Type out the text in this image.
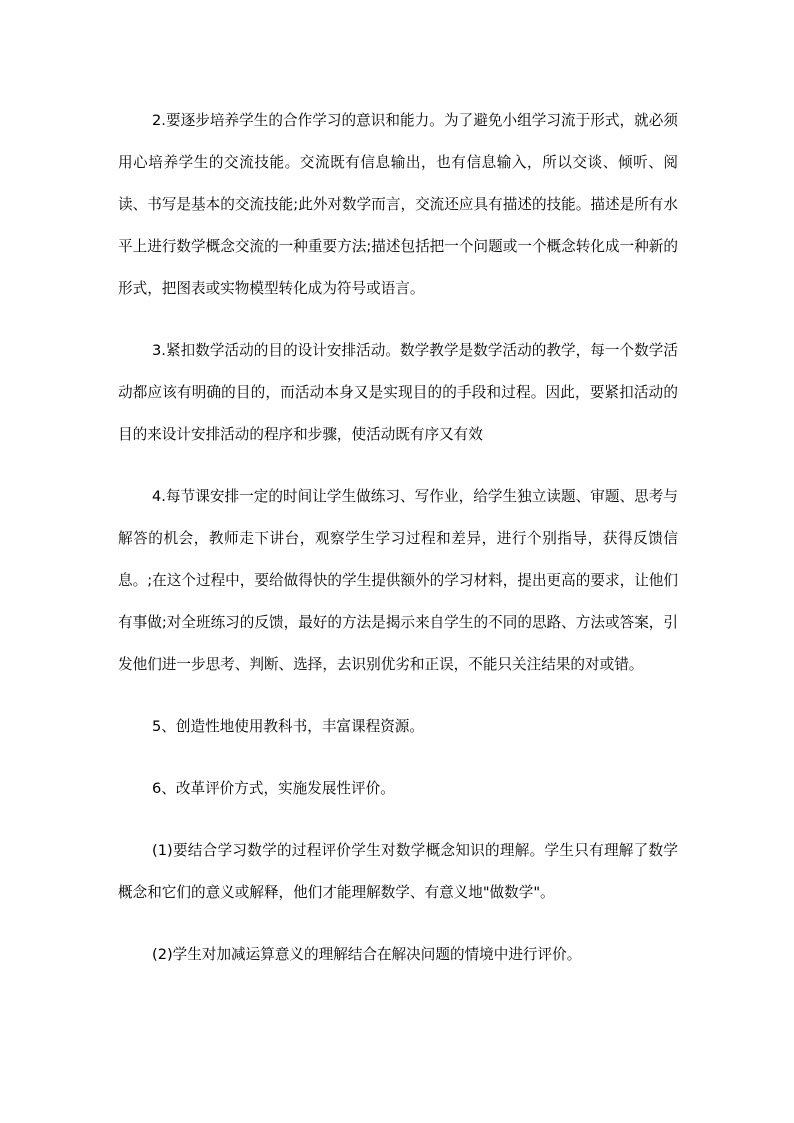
2.要逐步培养学生的合作学习的意识和能力。为了避免小组学习流于形式，就必须用心培养学生的交流技能。交流既有信息输出，也有信息输入，所以交谈、倾听、阅读、书写是基本的交流技能;此外对数学而言，交流还应具有描述的技能。描述是所有水平上进行数学概念交流的一种重要方法;描述包括把一个问题或一个概念转化成一种新的形式，把图表或实物模型转化成为符号或语言。

3.紧扣数学活动的目的设计安排活动。数学教学是数学活动的教学，每一个数学活动都应该有明确的目的，而活动本身又是实现目的的手段和过程。因此，要紧扣活动的目的来设计安排活动的程序和步骤，使活动既有序又有效

4.每节课安排一定的时间让学生做练习、写作业，给学生独立读题、审题、思考与解答的机会，教师走下讲台，观察学生学习过程和差异，进行个别指导，获得反馈信息。;在这个过程中，要给做得快的学生提供额外的学习材料，提出更高的要求，让他们有事做;对全班练习的反馈，最好的方法是揭示来自学生的不同的思路、方法或答案，引发他们进一步思考、判断、选择，去识别优劣和正误，不能只关注结果的对或错。

5、创造性地使用教科书，丰富课程资源。

6、改革评价方式，实施发展性评价。

(1)要结合学习数学的过程评价学生对数学概念知识的理解。学生只有理解了数学概念和它们的意义或解释，他们才能理解数学、有意义地"做数学"。

(2)学生对加减运算意义的理解结合在解决问题的情境中进行评价。
